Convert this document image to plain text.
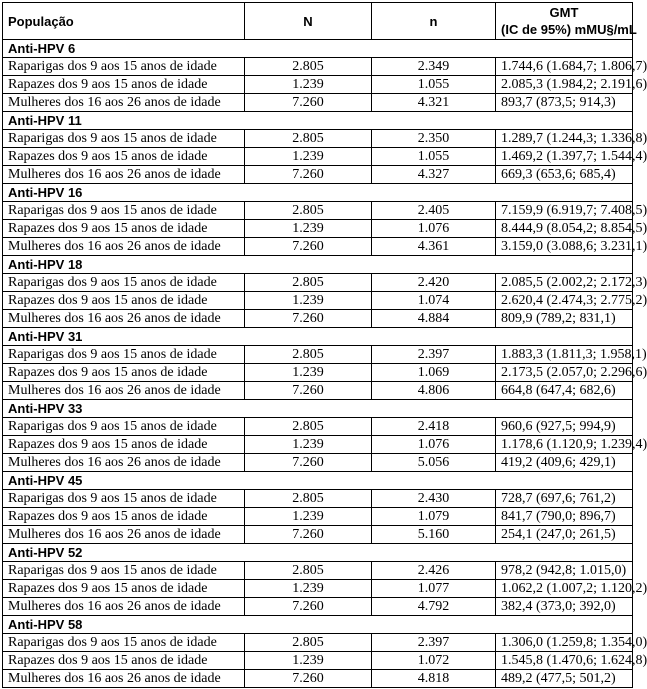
População	N	n	GMT
(IC de 95%) mMU§/mL

Anti-HPV 6			
Raparigas dos 9 aos 15 anos de idade	2.805	2.349	1.744,6 (1.684,7; 1.806,7)
Rapazes dos 9 aos 15 anos de idade	1.239	1.055	2.085,3 (1.984,2; 2.191,6)
Mulheres dos 16 aos 26 anos de idade	7.260	4.321	893,7 (873,5; 914,3)
Anti-HPV 11			
Raparigas dos 9 aos 15 anos de idade	2.805	2.350	1.289,7 (1.244,3; 1.336,8)
Rapazes dos 9 aos 15 anos de idade	1.239	1.055	1.469,2 (1.397,7; 1.544,4)
Mulheres dos 16 aos 26 anos de idade	7.260	4.327	669,3 (653,6; 685,4)
Anti-HPV 16			
Raparigas dos 9 aos 15 anos de idade	2.805	2.405	7.159,9 (6.919,7; 7.408,5)
Rapazes dos 9 aos 15 anos de idade	1.239	1.076	8.444,9 (8.054,2; 8.854,5)
Mulheres dos 16 aos 26 anos de idade	7.260	4.361	3.159,0 (3.088,6; 3.231,1)
Anti-HPV 18			
Raparigas dos 9 aos 15 anos de idade	2.805	2.420	2.085,5 (2.002,2; 2.172,3)
Rapazes dos 9 aos 15 anos de idade	1.239	1.074	2.620,4 (2.474,3; 2.775,2)
Mulheres dos 16 aos 26 anos de idade	7.260	4.884	809,9 (789,2; 831,1)
Anti-HPV 31			
Raparigas dos 9 aos 15 anos de idade	2.805	2.397	1.883,3 (1.811,3; 1.958,1)
Rapazes dos 9 aos 15 anos de idade	1.239	1.069	2.173,5 (2.057,0; 2.296,6)
Mulheres dos 16 aos 26 anos de idade	7.260	4.806	664,8 (647,4; 682,6)
Anti-HPV 33			
Raparigas dos 9 aos 15 anos de idade	2.805	2.418	960,6 (927,5; 994,9)
Rapazes dos 9 aos 15 anos de idade	1.239	1.076	1.178,6 (1.120,9; 1.239,4)
Mulheres dos 16 aos 26 anos de idade	7.260	5.056	419,2 (409,6; 429,1)
Anti-HPV 45			
Raparigas dos 9 aos 15 anos de idade	2.805	2.430	728,7 (697,6; 761,2)
Rapazes dos 9 aos 15 anos de idade	1.239	1.079	841,7 (790,0; 896,7)
Mulheres dos 16 aos 26 anos de idade	7.260	5.160	254,1 (247,0; 261,5)
Anti-HPV 52			
Raparigas dos 9 aos 15 anos de idade	2.805	2.426	978,2 (942,8; 1.015,0)
Rapazes dos 9 aos 15 anos de idade	1.239	1.077	1.062,2 (1.007,2; 1.120,2)
Mulheres dos 16 aos 26 anos de idade	7.260	4.792	382,4 (373,0; 392,0)
Anti-HPV 58			
Raparigas dos 9 aos 15 anos de idade	2.805	2.397	1.306,0 (1.259,8; 1.354,0)
Rapazes dos 9 aos 15 anos de idade	1.239	1.072	1.545,8 (1.470,6; 1.624,8)
Mulheres dos 16 aos 26 anos de idade	7.260	4.818	489,2 (477,5; 501,2)
